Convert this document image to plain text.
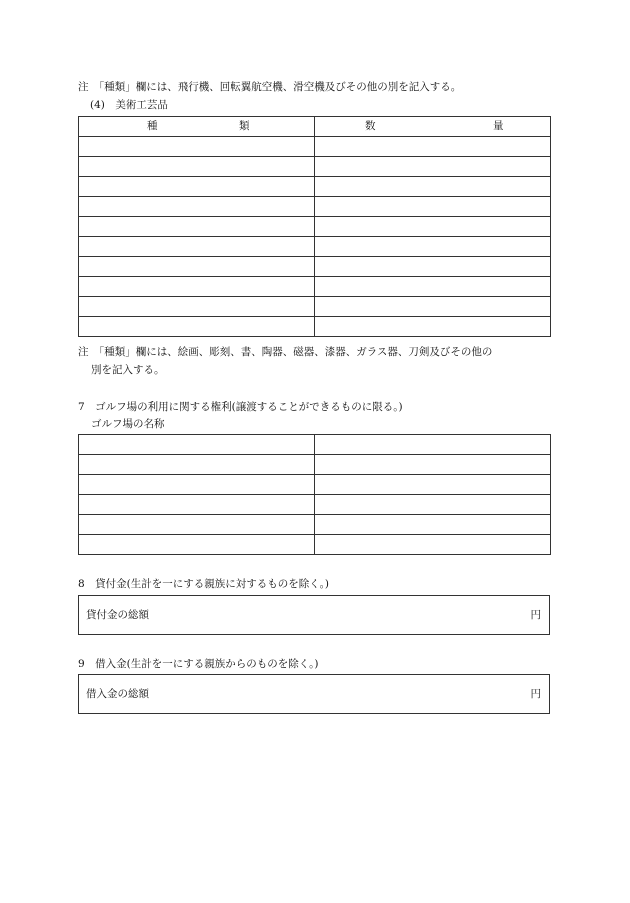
注　「種類」欄には、飛行機、回転翼航空機、滑空機及びその他の別を記入する。
(4)　美術工芸品
種 類	数 量

注　「種類」欄には、絵画、彫刻、書、陶器、磁器、漆器、ガラス器、刀剣及びその他の
別を記入する。
7　ゴルフ場の利用に関する権利(譲渡することができるものに限る。)
ゴルフ場の名称

8　貸付金(生計を一にする親族に対するものを除く。)
貸付金の総額	円
9　借入金(生計を一にする親族からのものを除く。)
借入金の総額	円
